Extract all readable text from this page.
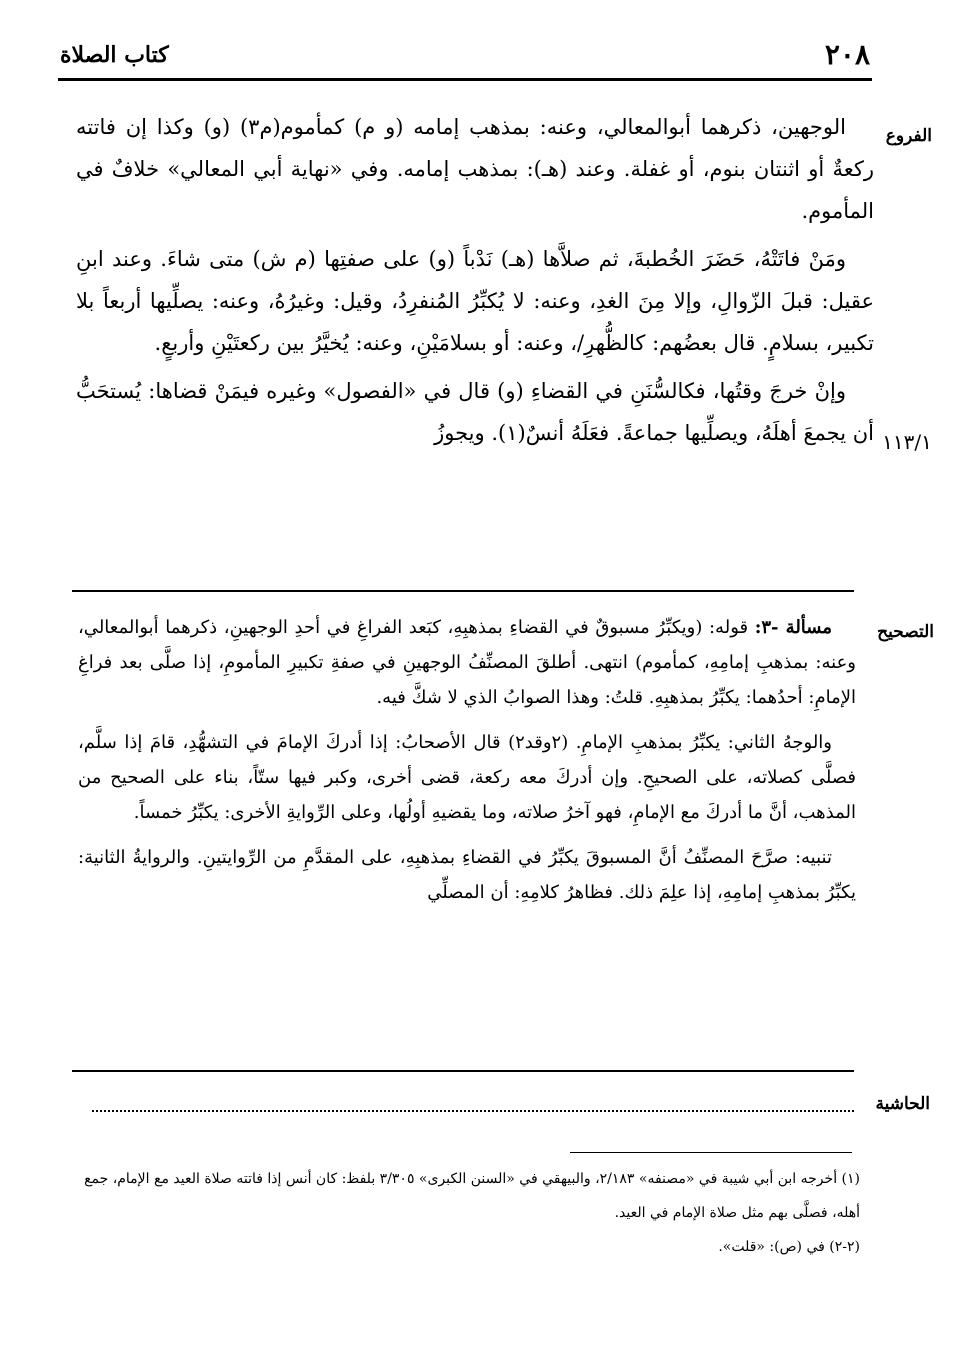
٢٠٨
كتاب الصلاة
الفروع

الوجهين، ذكرهما أبوالمعالي، وعنه: بمذهب إمامه (و م) كمأموم(م٣) (و) وكذا إن فاتته ركعةٌ أو اثنتان بنوم، أو غفلة. وعند (هـ): بمذهب إمامه. وفي «نهاية أبي المعالي» خلافٌ في المأموم.

ومَنْ فاتَتْهُ، حَضَرَ الخُطبةَ، ثم صلاَّها (هـ) نَدْباً (و) على صفتِها (م ش) متى شاءَ. وعند ابنِ عقيل: قبلَ الزّوالِ، وإلا مِنَ الغدِ، وعنه: لا يُكبِّرُ المُنفرِدُ، وقيل: وغيرُهُ، وعنه: يصلِّيها أربعاً بلا تكبير، بسلامٍ. قال بعضُهم: كالظُّهرِ/، وعنه: أو بسلامَيْنِ، وعنه: يُخيَّرُ بين ركعتَيْنِ وأربعٍ.

وإنْ خرجَ وقتُها، فكالسُّنَنِ في القضاءِ (و) قال في «الفصول» وغيره فيمَنْ قضاها: يُستحَبُّ أن يجمعَ أهلَهُ، ويصلِّيها جماعةً. فعَلَهُ أنسٌ(١). ويجوزُ ١١٣/١
التصحيح

مسألة -٣: قوله: (ويكبِّرُ مسبوقٌ في القضاءِ بمذهبِهِ، كبَعد الفراغِ في أحدِ الوجهينِ، ذكرهما أبوالمعالي، وعنه: بمذهبِ إمامِهِ، كمأموم) انتهى. أطلقَ المصنِّفُ الوجهينِ في صفةِ تكبيرِ المأمومِ، إذا صلَّى بعد فراغِ الإمامِ: أحدُهما: يكبِّرُ بمذهبِهِ. قلتُ: وهذا الصوابُ الذي لا شكَّ فيه.

والوجهُ الثاني: يكبِّرُ بمذهبِ الإمامِ. (٢وقد٢) قال الأصحابُ: إذا أدركَ الإمامَ في التشهُّدِ، قامَ إذا سلَّم، فصلَّى كصلاته، على الصحيحِ. وإن أدركَ معه ركعة، قضى أخرى، وكبر فيها ستّاً، بناء على الصحيح من المذهب، أنَّ ما أدركَ مع الإمامِ، فهو آخرُ صلاته، وما يقضيهِ أولُها، وعلى الرِّوايةِ الأخرى: يكبِّرُ خمساً.

تنبيه: صرَّحَ المصنِّفُ أنَّ المسبوقَ يكبِّرُ في القضاءِ بمذهبِهِ، على المقدَّمِ من الرِّوايتينِ. والروايةُ الثانية: يكبِّرُ بمذهبِ إمامِهِ، إذا علِمَ ذلك. فظاهرُ كلامِهِ: أن المصلِّي

الحاشية

(١) أخرجه ابن أبي شيبة في «مصنفه» ٢/١٨٣، والبيهقي في «السنن الكبرى» ٣/٣٠٥ بلفظ: كان أنس إذا فاتته صلاة العيد مع الإمام، جمع أهله، فصلَّى بهم مثل صلاة الإمام في العيد.

(٢-٢) في (ص): «قلت».
